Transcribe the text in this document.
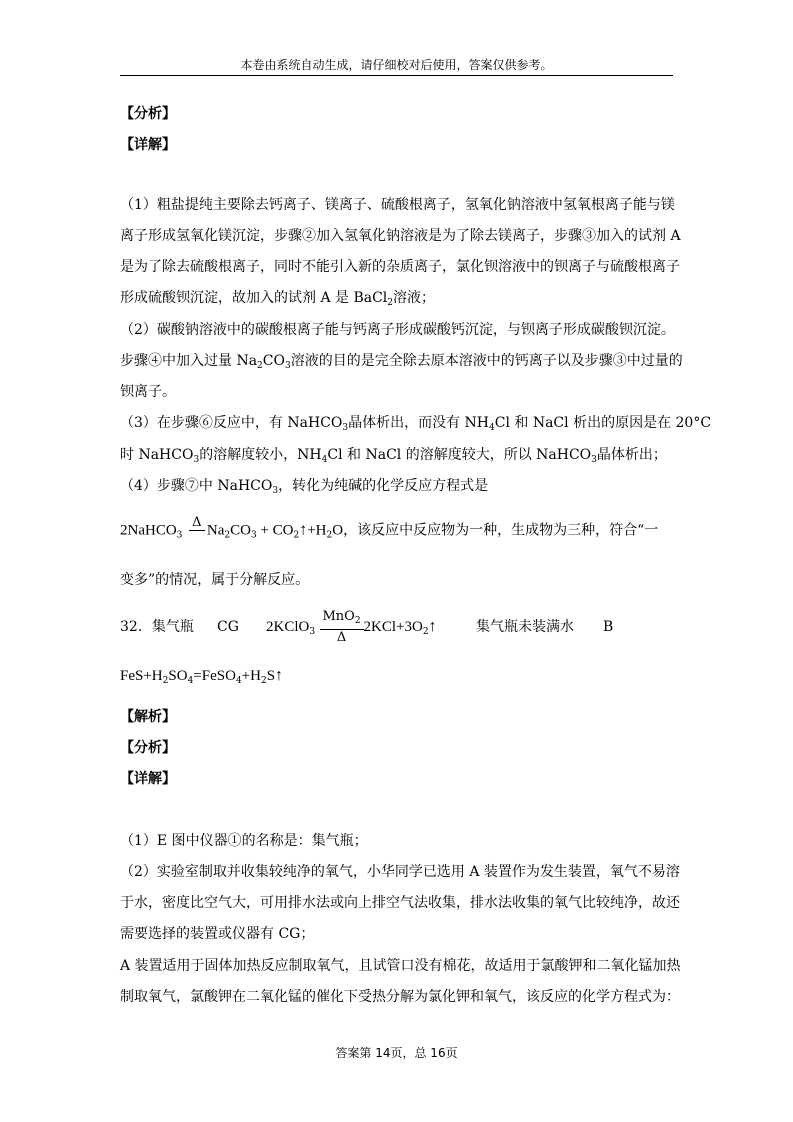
本卷由系统自动生成，请仔细校对后使用，答案仅供参考。
【分析】
【详解】
（1）粗盐提纯主要除去钙离子、镁离子、硫酸根离子，氢氧化钠溶液中氢氧根离子能与镁
离子形成氢氧化镁沉淀，步骤②加入氢氧化钠溶液是为了除去镁离子，步骤③加入的试剂 A
是为了除去硫酸根离子，同时不能引入新的杂质离子，氯化钡溶液中的钡离子与硫酸根离子
形成硫酸钡沉淀，故加入的试剂 A 是 BaCl$_2$溶液；
（2）碳酸钠溶液中的碳酸根离子能与钙离子形成碳酸钙沉淀，与钡离子形成碳酸钡沉淀。
步骤④中加入过量 $Na_2CO_3$溶液的目的是完全除去原本溶液中的钙离子以及步骤③中过量的
钡离子。
（3）在步骤⑥反应中，有 NaHCO$_3$晶体析出，而没有 $NH_4Cl$ 和 NaCl 析出的原因是在 20°C
时 NaHCO$_3$的溶解度较小，$NH_4Cl$ 和 NaCl 的溶解度较大，所以 NaHCO$_3$晶体析出；
（4）步骤⑦中 NaHCO$_3$，转化为纯碱的化学反应方程式是
2NaHCO$_3$
Δ
$Na_2CO_3$ + $CO_2↑+H_2O$，该反应中反应物为一种，生成物为三种，符合“一
变多”的情况，属于分解反应。
32．集气瓶 CG 2KClO$_3$ $\frac{MnO_2}{\Delta}$ $2KCl+3O_2↑$	集气瓶未装满水 B
$FeS+H_2SO_4=FeSO_4+H_2S↑$
【解析】
【分析】
【详解】
（1）E 图中仪器①的名称是：集气瓶；
（2）实验室制取并收集较纯净的氧气，小华同学已选用 A 装置作为发生装置，氧气不易溶
于水，密度比空气大，可用排水法或向上排空气法收集，排水法收集的氧气比较纯净，故还
需要选择的装置或仪器有 CG；
A 装置适用于固体加热反应制取氧气，且试管口没有棉花，故适用于氯酸钾和二氧化锰加热
制取氧气，氯酸钾在二氧化锰的催化下受热分解为氯化钾和氧气，该反应的化学方程式为：
答案第 14页，总 16页
